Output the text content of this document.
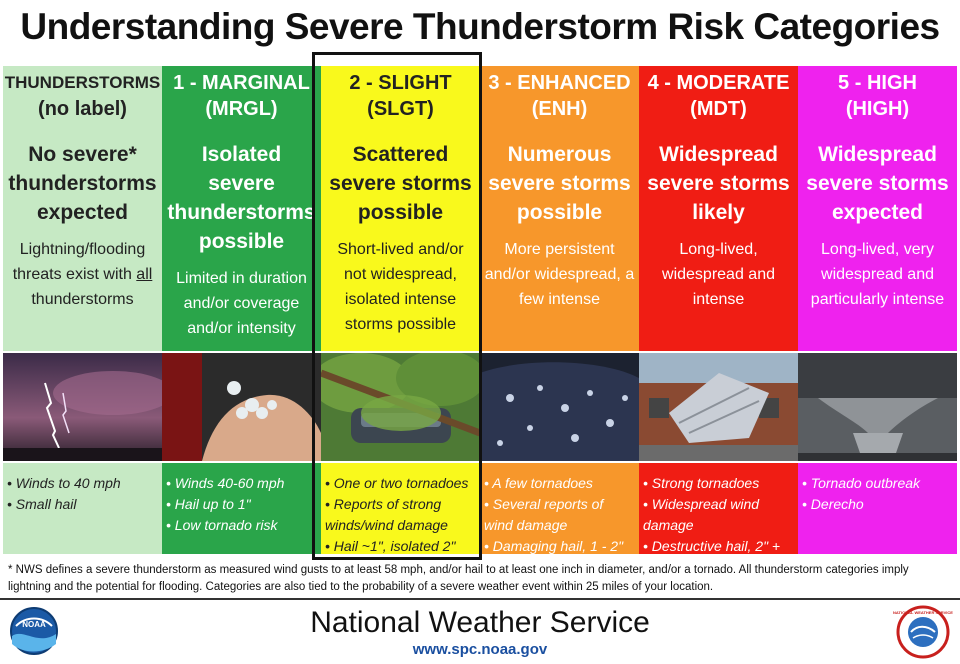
Understanding Severe Thunderstorm Risk Categories
THUNDERSTORMS
(no label)
No severe* thunderstorms expected
Lightning/flooding threats exist with all thunderstorms
• Winds to 40 mph
• Small hail
1 - MARGINAL
(MRGL)
Isolated severe thunderstorms possible
Limited in duration and/or coverage and/or intensity
• Winds 40-60 mph
• Hail up to 1"
• Low tornado risk
2 - SLIGHT
(SLGT)
Scattered severe storms possible
Short-lived and/or not widespread, isolated intense storms possible
• One or two tornadoes
• Reports of strong winds/wind damage
• Hail ~1", isolated 2"
3 - ENHANCED
(ENH)
Numerous severe storms possible
More persistent and/or widespread, a few intense
• A few tornadoes
• Several reports of wind damage
• Damaging hail, 1 - 2"
4 - MODERATE
(MDT)
Widespread severe storms likely
Long-lived, widespread and intense
• Strong tornadoes
• Widespread wind damage
• Destructive hail, 2" +
5 - HIGH
(HIGH)
Widespread severe storms expected
Long-lived, very widespread and particularly intense
• Tornado outbreak
• Derecho
* NWS defines a severe thunderstorm as measured wind gusts to at least 58 mph, and/or hail to at least one inch in diameter, and/or a tornado. All thunderstorm categories imply lightning and the potential for flooding. Categories are also tied to the probability of a severe weather event within 25 miles of your location.
NOAA	National Weather Service
www.spc.noaa.gov
NATIONAL WEATHER SERVICE
